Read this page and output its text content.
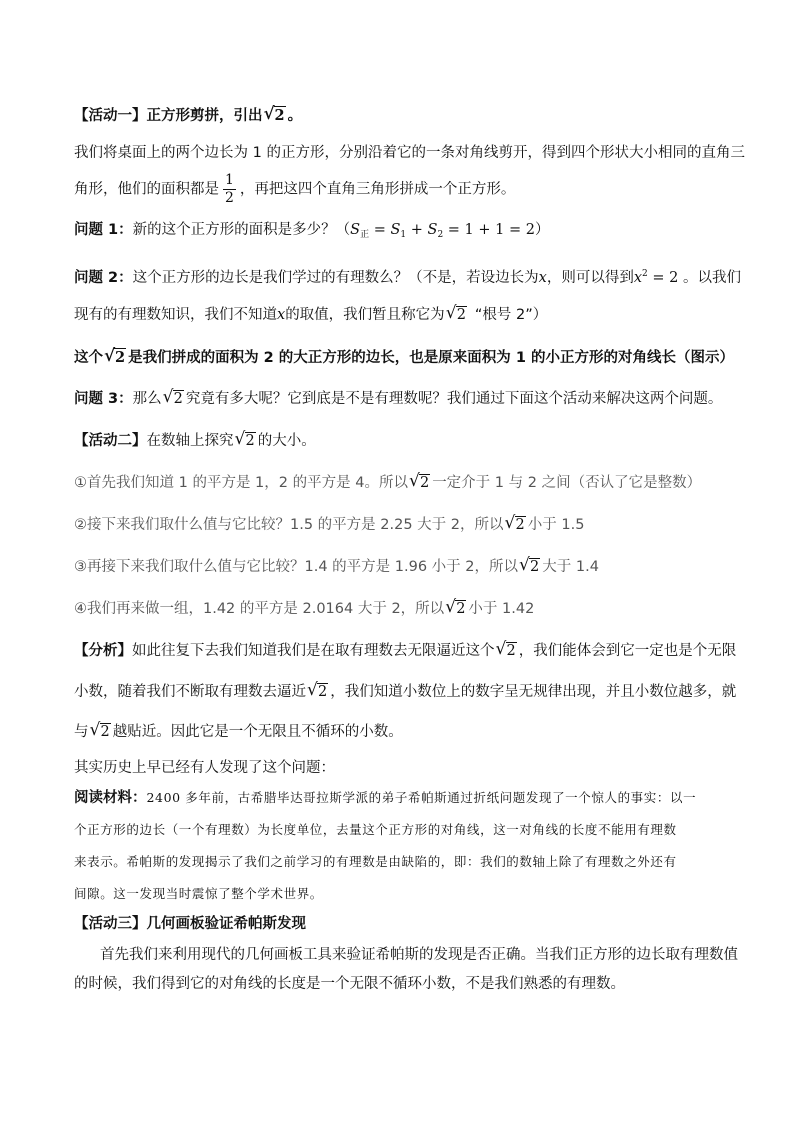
【活动一】正方形剪拼，引出 √ 2 。
我们将桌面上的两个边长为 1 的正方形，分别沿着它的一条对角线剪开，得到四个形状大小相同的直角三
角形，他们的面积都是 $\frac{1}{2}$ ，再把这四个直角三角形拼成一个正方形。
问题 1：新的这个正方形的面积是多少？$(S_正 = S_1 + S_2 = 1 + 1 = 2)$
问题 2：这个正方形的边长是我们学过的有理数么？（不是，若设边长为x，则可以得到$x^2 = 2$ 。以我们
现有的有理数知识，我们不知道x的取值，我们暂且称它为 √ 2 “根号 2”）
这个 √ 2 是我们拼成的面积为 2 的大正方形的边长，也是原来面积为 1 的小正方形的对角线长（图示）
问题 3：那么 √ 2 究竟有多大呢？它到底是不是有理数呢？我们通过下面这个活动来解决这两个问题。
【活动二】在数轴上探究 √ 2 的大小。
①首先我们知道 1 的平方是 1，2 的平方是 4。所以 √ 2 一定介于 1 与 2 之间（否认了它是整数）
②接下来我们取什么值与它比较？1.5 的平方是 2.25 大于 2，所以 √ 2 小于 1.5
③再接下来我们取什么值与它比较？1.4 的平方是 1.96 小于 2，所以 √ 2 大于 1.4
④我们再来做一组，1.42 的平方是 2.0164 大于 2，所以 √ 2 小于 1.42
【分析】如此往复下去我们知道我们是在取有理数去无限逼近这个 √ 2 ，我们能体会到它一定也是个无限
小数，随着我们不断取有理数去逼近 √ 2 ，我们知道小数位上的数字呈无规律出现，并且小数位越多，就
与 √ 2 越贴近。因此它是一个无限且不循环的小数。
其实历史上早已经有人发现了这个问题：
阅读材料：2400 多年前，古希腊毕达哥拉斯学派的弟子希帕斯通过折纸问题发现了一个惊人的事实：以一
个正方形的边长（一个有理数）为长度单位，去量这个正方形的对角线，这一对角线的长度不能用有理数
来表示。希帕斯的发现揭示了我们之前学习的有理数是由缺陷的，即：我们的数轴上除了有理数之外还有
间隙。这一发现当时震惊了整个学术世界。
【活动三】几何画板验证希帕斯发现
首先我们来利用现代的几何画板工具来验证希帕斯的发现是否正确。当我们正方形的边长取有理数值
的时候，我们得到它的对角线的长度是一个无限不循环小数，不是我们熟悉的有理数。
